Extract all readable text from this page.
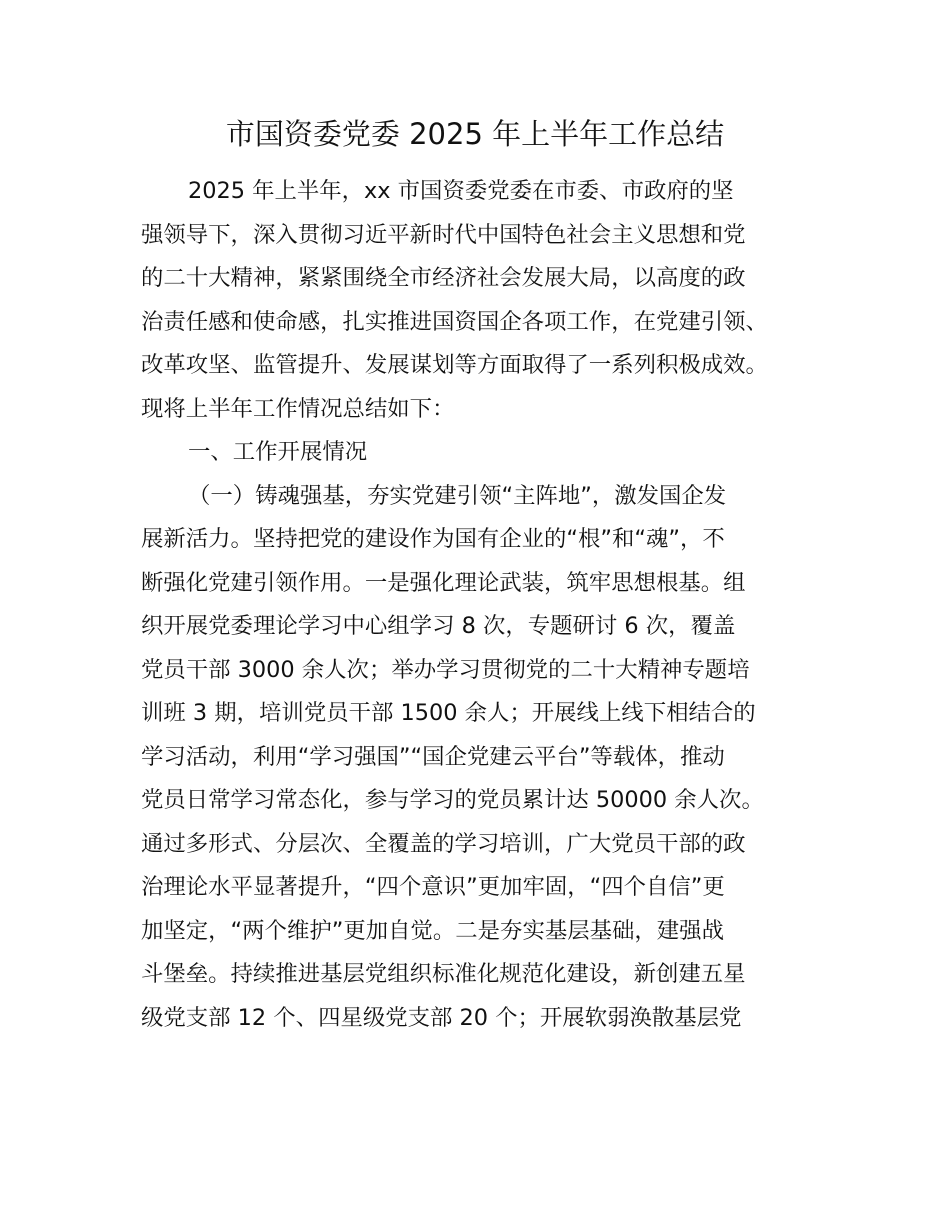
市国资委党委 2025 年上半年工作总结

2025 年上半年，xx 市国资委党委在市委、市政府的坚

强领导下，深入贯彻习近平新时代中国特色社会主义思想和党

的二十大精神，紧紧围绕全市经济社会发展大局，以高度的政

治责任感和使命感，扎实推进国资国企各项工作，在党建引领、

改革攻坚、监管提升、发展谋划等方面取得了一系列积极成效。

现将上半年工作情况总结如下：

一、工作开展情况

（一）铸魂强基，夯实党建引领“主阵地”，激发国企发

展新活力。坚持把党的建设作为国有企业的“根”和“魂”，不

断强化党建引领作用。一是强化理论武装，筑牢思想根基。组

织开展党委理论学习中心组学习 8 次，专题研讨 6 次，覆盖

党员干部 3000 余人次；举办学习贯彻党的二十大精神专题培

训班 3 期，培训党员干部 1500 余人；开展线上线下相结合的

学习活动，利用“学习强国”“国企党建云平台”等载体，推动

党员日常学习常态化，参与学习的党员累计达 50000 余人次。

通过多形式、分层次、全覆盖的学习培训，广大党员干部的政

治理论水平显著提升，“四个意识”更加牢固，“四个自信”更

加坚定，“两个维护”更加自觉。二是夯实基层基础，建强战

斗堡垒。持续推进基层党组织标准化规范化建设，新创建五星

级党支部 12 个、四星级党支部 20 个；开展软弱涣散基层党
